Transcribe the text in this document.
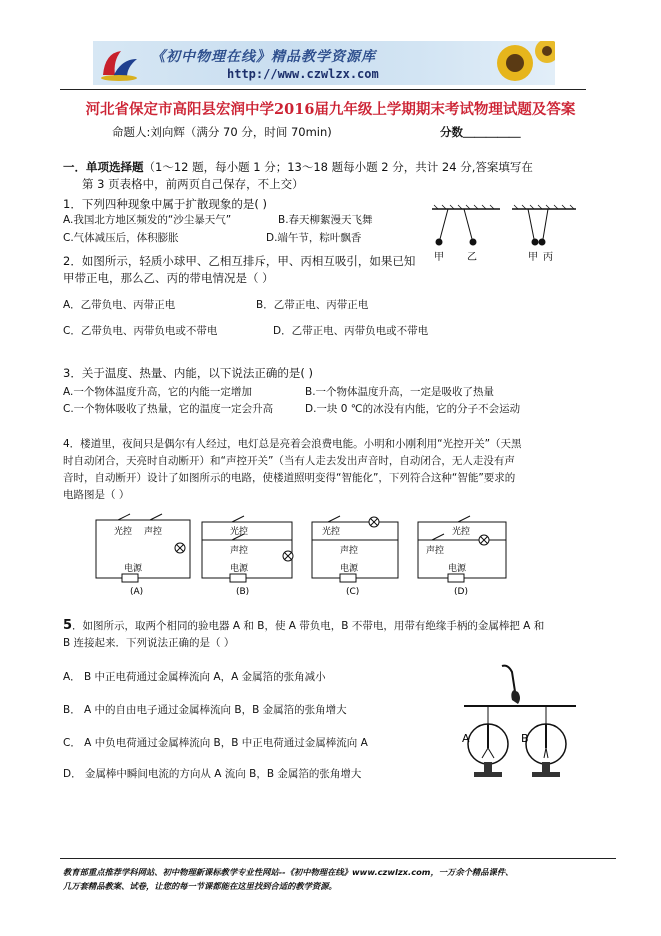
《初中物理在线》精品教学资源库
http://www.czwlzx.com
河北省保定市高阳县宏润中学2016届九年级上学期期末考试物理试题及答案
命题人:刘向辉（满分 70 分，时间 70min)	分数＿＿＿＿＿
一．单项选择题（1～12 题，每小题 1 分；13～18 题每小题 2 分，共计 24 分,答案填写在
第 3 页表格中，前两页自己保存，不上交）
1．下列四种现象中属于扩散现象的是( )
A.我国北方地区频发的“沙尘暴天气”	B.春天柳絮漫天飞舞
C.气体减压后，体积膨胀	D.端午节，粽叶飘香
甲 乙	甲 丙
2．如图所示，轻质小球甲、乙相互排斥，甲、丙相互吸引，如果已知
甲带正电，那么乙、丙的带电情况是（ ）
A．乙带负电、丙带正电	B．乙带正电、丙带正电
C．乙带负电、丙带负电或不带电	D．乙带正电、丙带负电或不带电
3．关于温度、热量、内能，以下说法正确的是( )
A.一个物体温度升高，它的内能一定增加	B.一个物体温度升高，一定是吸收了热量
C.一个物体吸收了热量，它的温度一定会升高	D.一块 0 ℃的冰没有内能，它的分子不会运动
4．楼道里，夜间只是偶尔有人经过，电灯总是亮着会浪费电能。小明和小刚利用“光控开关”（天黑
时自动闭合，天亮时自动断开）和“声控开关”（当有人走去发出声音时，自动闭合，无人走没有声
音时，自动断开）设计了如图所示的电路，使楼道照明变得“智能化”，下列符合这种“智能”要求的
电路图是（ ）
光控 声控
电源
(A)
光控
声控
电源
(B)
光控
声控
电源
(C)
光控
声控
电源
(D)
5．如图所示，取两个相同的验电器 A 和 B，使 A 带负电，B 不带电，用带有绝缘手柄的金属棒把 A 和
B 连接起来．下列说法正确的是（ ）
A． B 中正电荷通过金属棒流向 A，A 金属箔的张角减小
B． A 中的自由电子通过金属棒流向 B，B 金属箔的张角增大
C． A 中负电荷通过金属棒流向 B，B 中正电荷通过金属棒流向 A
D． 金属棒中瞬间电流的方向从 A 流向 B，B 金属箔的张角增大
A	B
教育部重点推荐学科网站、初中物理新课标教学专业性网站--《初中物理在线》www.czwlzx.com，一万余个精品课件、
几万套精品教案、试卷，让您的每一节课都能在这里找到合适的教学资源。
